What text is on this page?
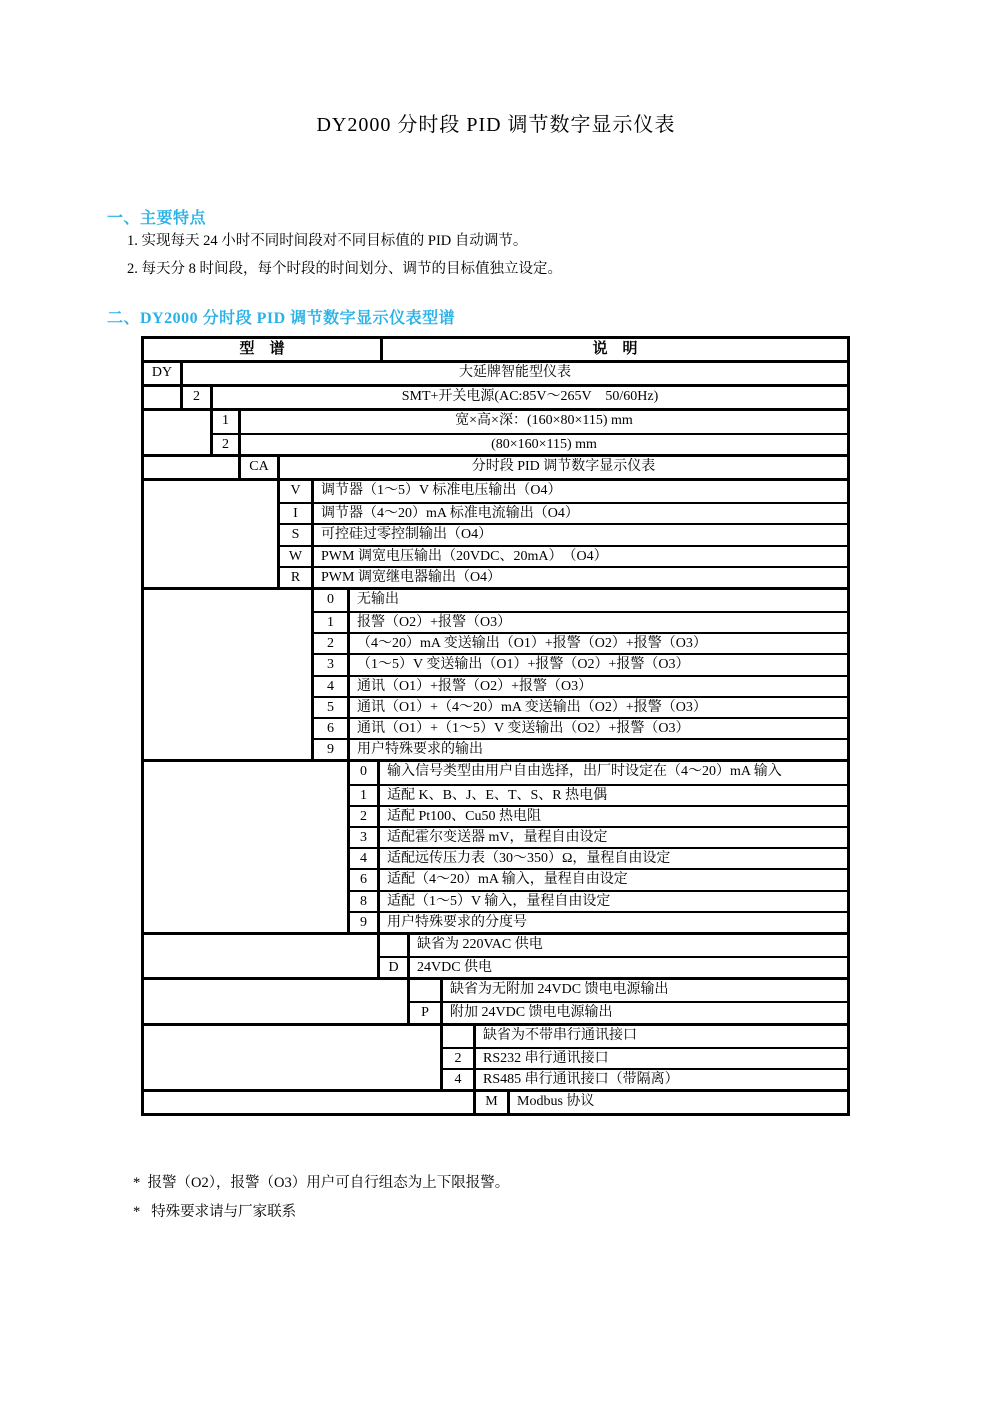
DY2000 分时段 PID 调节数字显示仪表
一、主要特点
1. 实现每天 24 小时不同时间段对不同目标值的 PID 自动调节。
2. 每天分 8 时间段，每个时段的时间划分、调节的目标值独立设定。
二、DY2000 分时段 PID 调节数字显示仪表型谱
型　谱	说　明
DY	大延牌智能型仪表
2	SMT+开关电源(AC:85V～265V　50/60Hz)
1	宽×高×深：(160×80×115) mm
2	(80×160×115) mm
CA	分时段 PID 调节数字显示仪表
V	调节器（1～5）V 标准电压输出（O4）
I	调节器（4～20）mA 标准电流输出（O4）
S	可控硅过零控制输出（O4）
W	PWM 调宽电压输出（20VDC、20mA）　（O4）
R	PWM 调宽继电器输出（O4）
0	无输出
1	报警（O2）+报警（O3）
2	（4～20）mA 变送输出（O1）+报警（O2）+报警（O3）
3	（1～5）V 变送输出（O1）+报警（O2）+报警（O3）
4	通讯（O1）+报警（O2）+报警（O3）
5	通讯（O1）+（4～20）mA 变送输出（O2）+报警（O3）
6	通讯（O1）+（1～5）V 变送输出（O2）+报警（O3）
9	用户特殊要求的输出
0	输入信号类型由用户自由选择，出厂时设定在（4～20）mA 输入
1	适配 K、B、J、E、T、S、R 热电偶
2	适配 Pt100、Cu50 热电阻
3	适配霍尔变送器 mV，量程自由设定
4	适配远传压力表（30～350）Ω，量程自由设定
6	适配（4～20）mA 输入，量程自由设定
8	适配（1～5）V 输入，量程自由设定
9	用户特殊要求的分度号
缺省为 220VAC 供电
D	24VDC 供电
缺省为无附加 24VDC 馈电电源输出
P	附加 24VDC 馈电电源输出
缺省为不带串行通讯接口
2	RS232 串行通讯接口
4	RS485 串行通讯接口（带隔离）
M	Modbus 协议
*  报警（O2），报警（O3）用户可自行组态为上下限报警。
*   特殊要求请与厂家联系
